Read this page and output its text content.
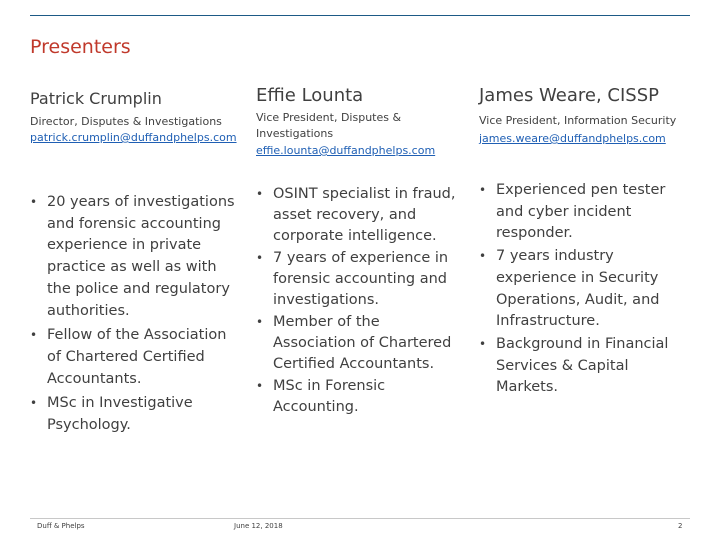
Presenters
Patrick Crumplin
Director, Disputes & Investigations
patrick.crumplin@duffandphelps.com
• 20 years of investigations and forensic accounting experience in private practice as well as with the police and regulatory authorities.
• Fellow of the Association of Chartered Certified Accountants.
• MSc in Investigative Psychology.
Effie Lounta
Vice President, Disputes & Investigations
effie.lounta@duffandphelps.com
• OSINT specialist in fraud, asset recovery, and corporate intelligence.
• 7 years of experience in forensic accounting and investigations.
• Member of the Association of Chartered Certified Accountants.
• MSc in Forensic Accounting.
James Weare, CISSP
Vice President, Information Security
james.weare@duffandphelps.com
• Experienced pen tester and cyber incident responder.
• 7 years industry experience in Security Operations, Audit, and Infrastructure.
• Background in Financial Services & Capital Markets.
Duff & Phelps	June 12, 2018	2
